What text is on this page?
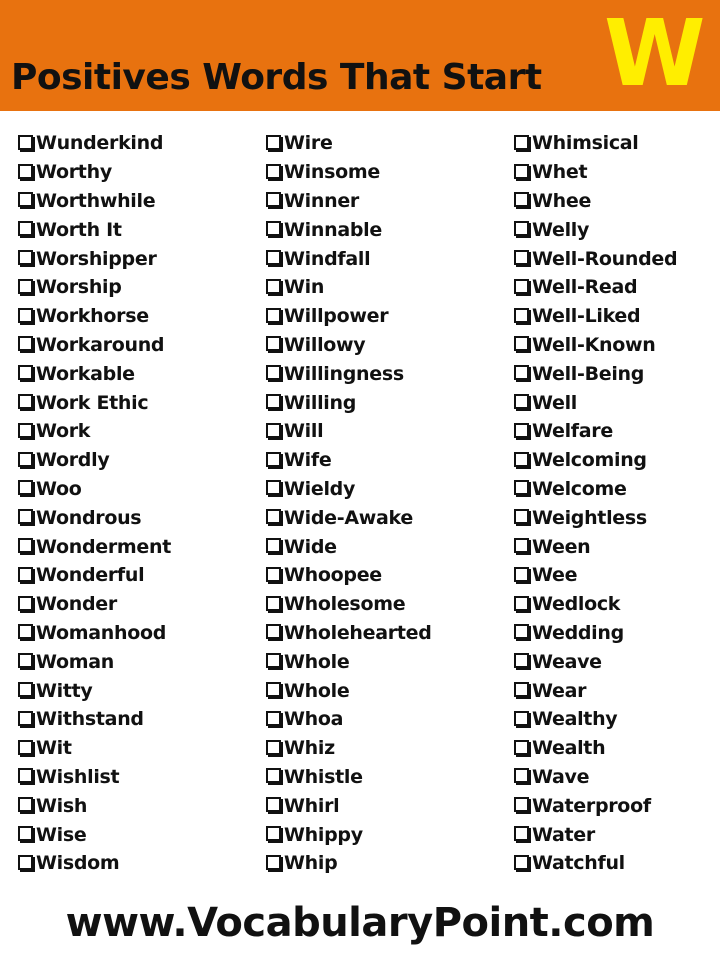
Positives Words That Start W
Wunderkind
Worthy
Worthwhile
Worth It
Worshipper
Worship
Workhorse
Workaround
Workable
Work Ethic
Work
Wordly
Woo
Wondrous
Wonderment
Wonderful
Wonder
Womanhood
Woman
Witty
Withstand
Wit
Wishlist
Wish
Wise
Wisdom
Wire
Winsome
Winner
Winnable
Windfall
Win
Willpower
Willowy
Willingness
Willing
Will
Wife
Wieldy
Wide-Awake
Wide
Whoopee
Wholesome
Wholehearted
Whole
Whole
Whoa
Whiz
Whistle
Whirl
Whippy
Whip
Whimsical
Whet
Whee
Welly
Well-Rounded
Well-Read
Well-Liked
Well-Known
Well-Being
Well
Welfare
Welcoming
Welcome
Weightless
Ween
Wee
Wedlock
Wedding
Weave
Wear
Wealthy
Wealth
Wave
Waterproof
Water
Watchful
www.VocabularyPoint.com
